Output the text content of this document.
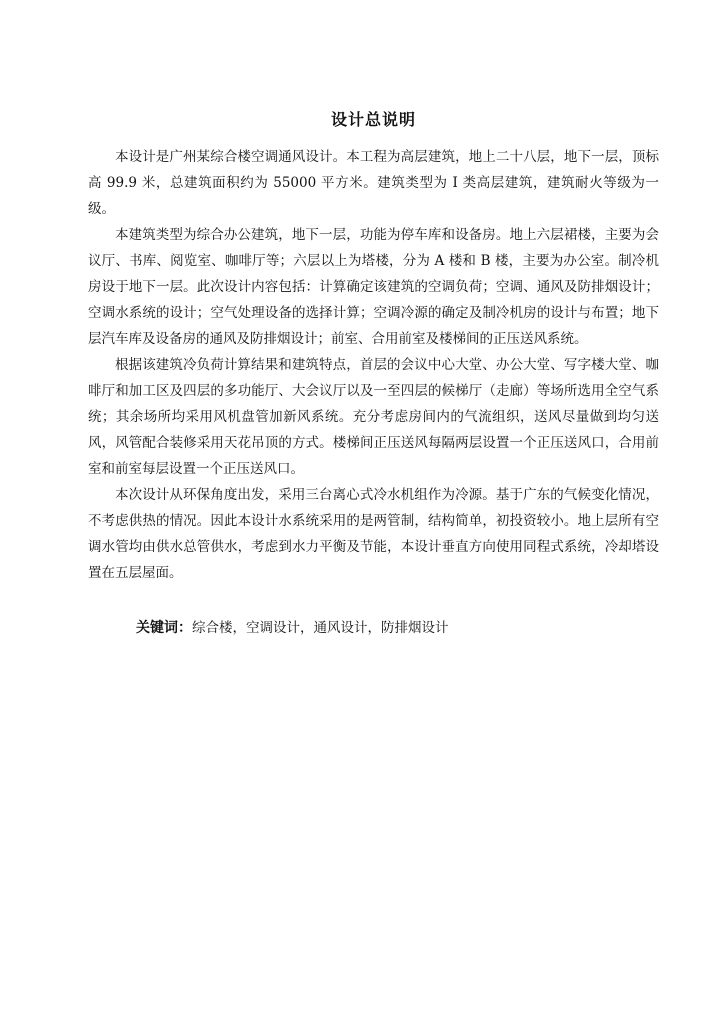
设计总说明

本设计是广州某综合楼空调通风设计。本工程为高层建筑，地上二十八层，地下一层，顶标高 99.9 米，总建筑面积约为 55000 平方米。建筑类型为 I 类高层建筑，建筑耐火等级为一级。

本建筑类型为综合办公建筑，地下一层，功能为停车库和设备房。地上六层裙楼，主要为会议厅、书库、阅览室、咖啡厅等；六层以上为塔楼，分为 A 楼和 B 楼，主要为办公室。制冷机房设于地下一层。此次设计内容包括：计算确定该建筑的空调负荷；空调、通风及防排烟设计；空调水系统的设计；空气处理设备的选择计算；空调冷源的确定及制冷机房的设计与布置；地下层汽车库及设备房的通风及防排烟设计；前室、合用前室及楼梯间的正压送风系统。

根据该建筑冷负荷计算结果和建筑特点，首层的会议中心大堂、办公大堂、写字楼大堂、咖啡厅和加工区及四层的多功能厅、大会议厅以及一至四层的候梯厅（走廊）等场所选用全空气系统；其余场所均采用风机盘管加新风系统。充分考虑房间内的气流组织，送风尽量做到均匀送风，风管配合装修采用天花吊顶的方式。楼梯间正压送风每隔两层设置一个正压送风口，合用前室和前室每层设置一个正压送风口。

本次设计从环保角度出发，采用三台离心式冷水机组作为冷源。基于广东的气候变化情况，不考虑供热的情况。因此本设计水系统采用的是两管制，结构简单，初投资较小。地上层所有空调水管均由供水总管供水，考虑到水力平衡及节能，本设计垂直方向使用同程式系统，冷却塔设置在五层屋面。

关键词：综合楼，空调设计，通风设计，防排烟设计
